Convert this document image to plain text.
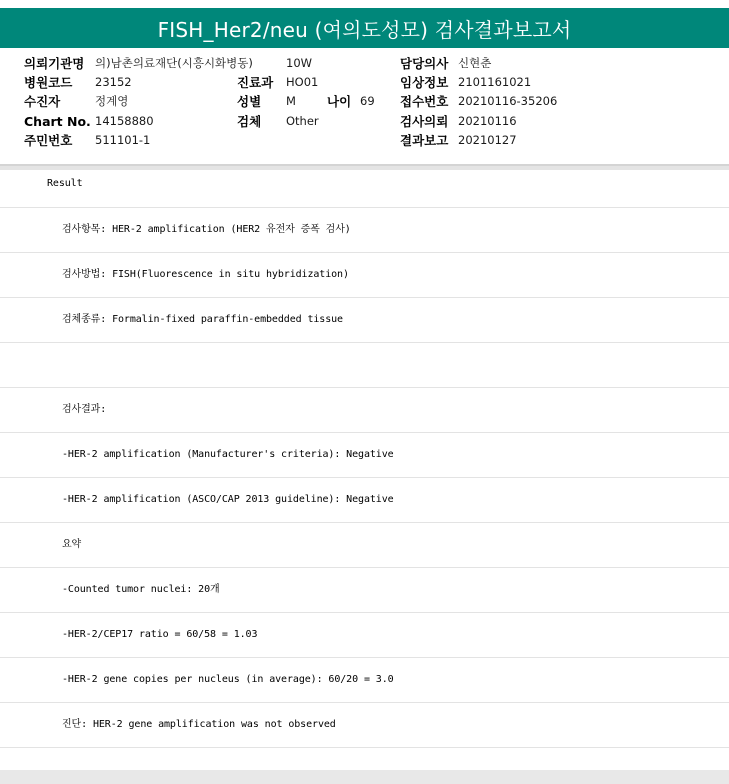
FISH_Her2/neu (여의도성모) 검사결과보고서
의뢰기관명 의)남촌의료재단(시흥시화병동)	10W	담당의사 신현춘
병원코드 23152	진료과 HO01	임상정보 2101161021
수진자	정계영	성별 M 나이 69 접수번호 20210116-35206
Chart No. 14158880	검체 Other	검사의뢰 20210116
주민번호 511101-1	결과보고 20210127
Result
검사항목: HER-2 amplification (HER2 유전자 증폭 검사)
검사방법: FISH(Fluorescence in situ hybridization)
검체종류: Formalin-fixed paraffin-embedded tissue
검사결과:
-HER-2 amplification (Manufacturer's criteria): Negative
-HER-2 amplification (ASCO/CAP 2013 guideline): Negative
요약
-Counted tumor nuclei: 20개
-HER-2/CEP17 ratio = 60/58 = 1.03
-HER-2 gene copies per nucleus (in average): 60/20 = 3.0
진단: HER-2 gene amplification was not observed
